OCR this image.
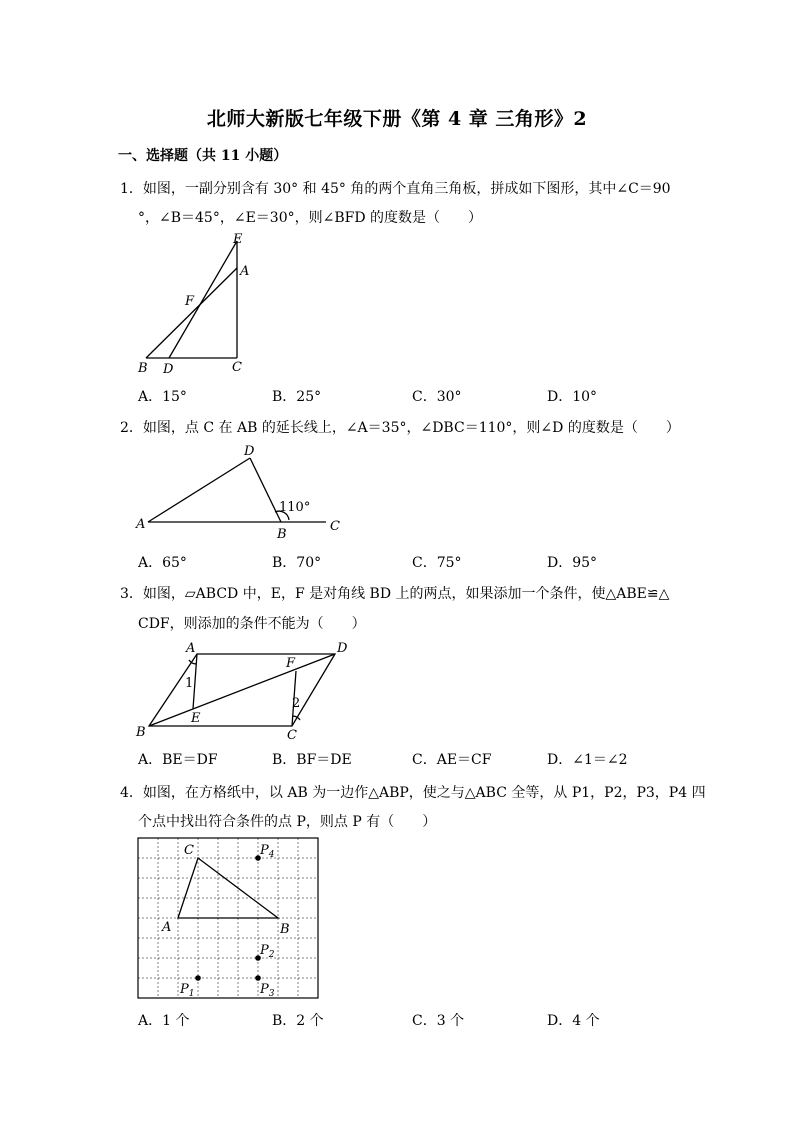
北师大新版七年级下册《第 4 章 三角形》2
一、选择题（共 11 小题）
1．如图，一副分别含有 30° 和 45° 角的两个直角三角板，拼成如下图形，其中∠C＝90
°，∠B＝45°，∠E＝30°，则∠BFD 的度数是（　　）
E
A
F
B D	C
A．15°	B．25°	C．30°	D．10°
2．如图，点 C 在 AB 的延长线上，∠A＝35°，∠DBC＝110°，则∠D 的度数是（　　）
D
A
B
C
110°
A．65°	B．70°	C．75°	D．95°
3．如图，▱ABCD 中，E，F 是对角线 BD 上的两点，如果添加一个条件，使△ABE≌△
CDF，则添加的条件不能为（　　）
A	D
F
E
B	C
1
2
A．BE＝DF	B．BF＝DE	C．AE＝CF	D．∠1＝∠2
4．如图，在方格纸中，以 AB 为一边作△ABP，使之与△ABC 全等，从 P1，P2，P3，P4 四
个点中找出符合条件的点 P，则点 P 有（　　）
C
A	B
$P_1$
$P_2$
$P_3$
$P_4$
A．1 个	B．2 个	C．3 个	D．4 个
